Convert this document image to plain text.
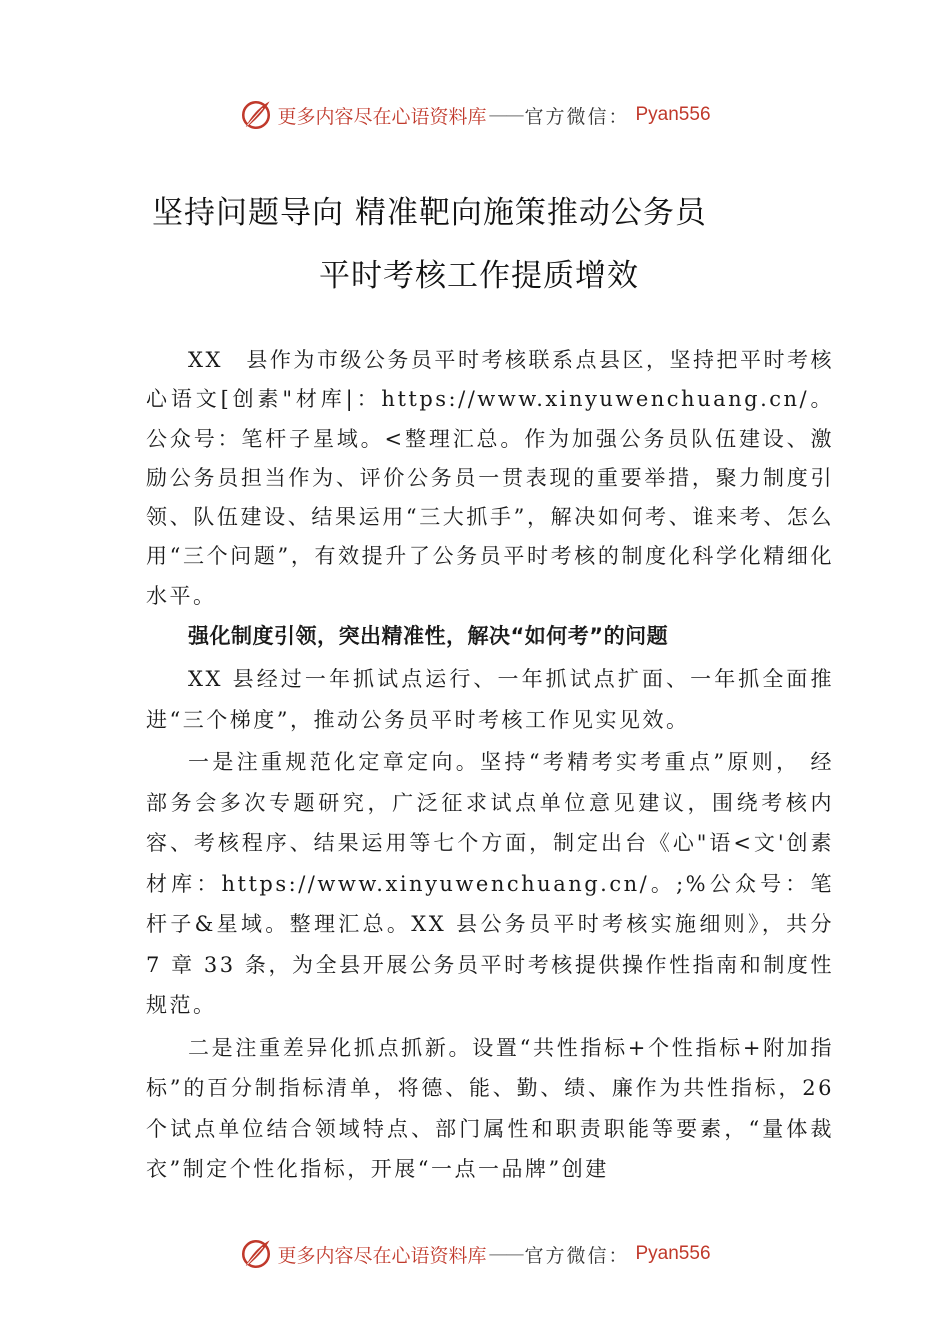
更多内容尽在心语资料库 —— 官方微信： Pyan556
坚持问题导向 精准靶向施策推动公务员
平时考核工作提质增效

XX　县作为市级公务员平时考核联系点县区，坚持把平时考核心语文[创素"材库|：https://www.xinyuwenchuang.cn/。公众号：笔杆子星域。<整理汇总。作为加强公务员队伍建设、激励公务员担当作为、评价公务员一贯表现的重要举措，聚力制度引领、队伍建设、结果运用“三大抓手”，解决如何考、谁来考、怎么用“三个问题”，有效提升了公务员平时考核的制度化科学化精细化水平。

强化制度引领，突出精准性，解决“如何考”的问题

XX 县经过一年抓试点运行、一年抓试点扩面、一年抓全面推进“三个梯度”，推动公务员平时考核工作见实见效。

一是注重规范化定章定向。坚持“考精考实考重点”原则， 经部务会多次专题研究，广泛征求试点单位意见建议，围绕考核内容、考核程序、结果运用等七个方面，制定出台《心"语<文'创素材库：https://www.xinyuwenchuang.cn/。;%公众号：笔杆子&星域。整理汇总。XX 县公务员平时考核实施细则》，共分 7 章 33 条，为全县开展公务员平时考核提供操作性指南和制度性规范。

二是注重差异化抓点抓新。设置“共性指标+个性指标+附加指标”的百分制指标清单，将德、能、勤、绩、廉作为共性指标，26个试点单位结合领域特点、部门属性和职责职能等要素，“量体裁衣”制定个性化指标，开展“一点一品牌”创建

更多内容尽在心语资料库 —— 官方微信： Pyan556
